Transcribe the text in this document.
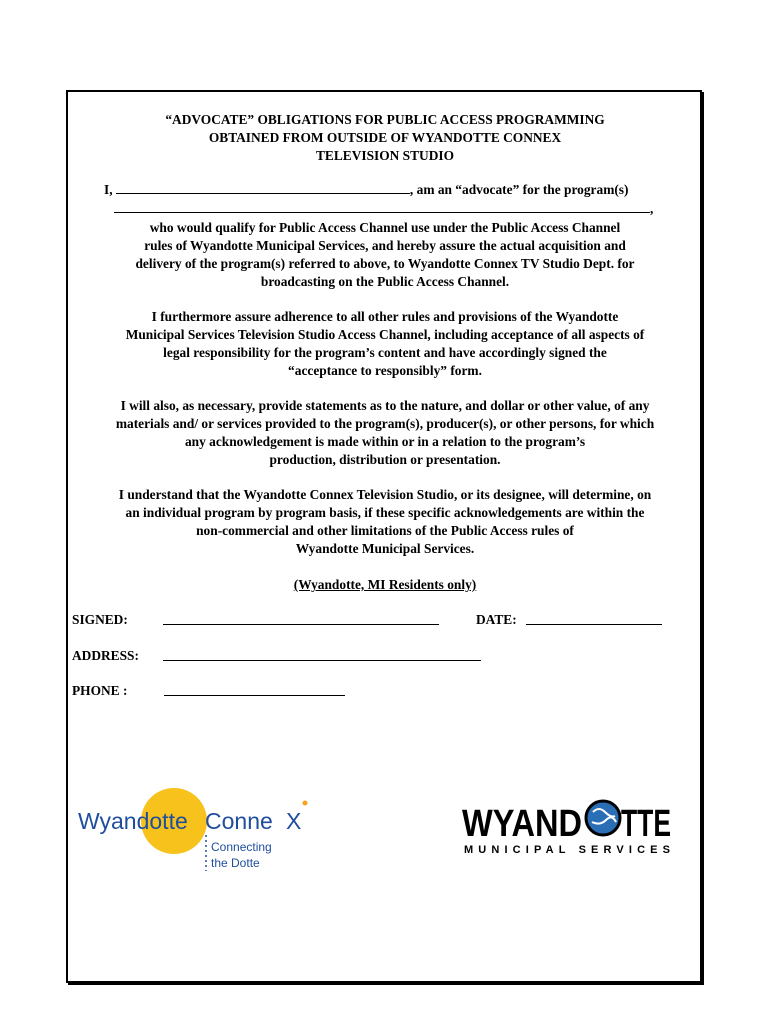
“ADVOCATE” OBLIGATIONS FOR PUBLIC ACCESS PROGRAMMING
OBTAINED FROM OUTSIDE OF WYANDOTTE CONNEX
TELEVISION STUDIO
I,	, am an “advocate” for the program(s)
,
who would qualify for Public Access Channel use under the Public Access Channel
rules of Wyandotte Municipal Services, and hereby assure the actual acquisition and
delivery of the program(s) referred to above, to Wyandotte Connex TV Studio Dept. for
broadcasting on the Public Access Channel.
I furthermore assure adherence to all other rules and provisions of the Wyandotte
Municipal Services Television Studio Access Channel, including acceptance of all aspects of
legal responsibility for the program’s content and have accordingly signed the
“acceptance to responsibly” form.
I will also, as necessary, provide statements as to the nature, and dollar or other value, of any
materials and/ or services provided to the program(s), producer(s), or other persons, for which
any acknowledgement is made within or in a relation to the program’s
production, distribution or presentation.
I understand that the Wyandotte Connex Television Studio, or its designee, will determine, on
an individual program by program basis, if these specific acknowledgements are within the
non-commercial and other limitations of the Public Access rules of
Wyandotte Municipal Services.
(Wyandotte, MI Residents only)
SIGNED:	DATE:
ADDRESS:
PHONE :
Wyandotte Conne X
Connecting
the Dotte
WYAND TTE
MUNICIPAL SERVICES
